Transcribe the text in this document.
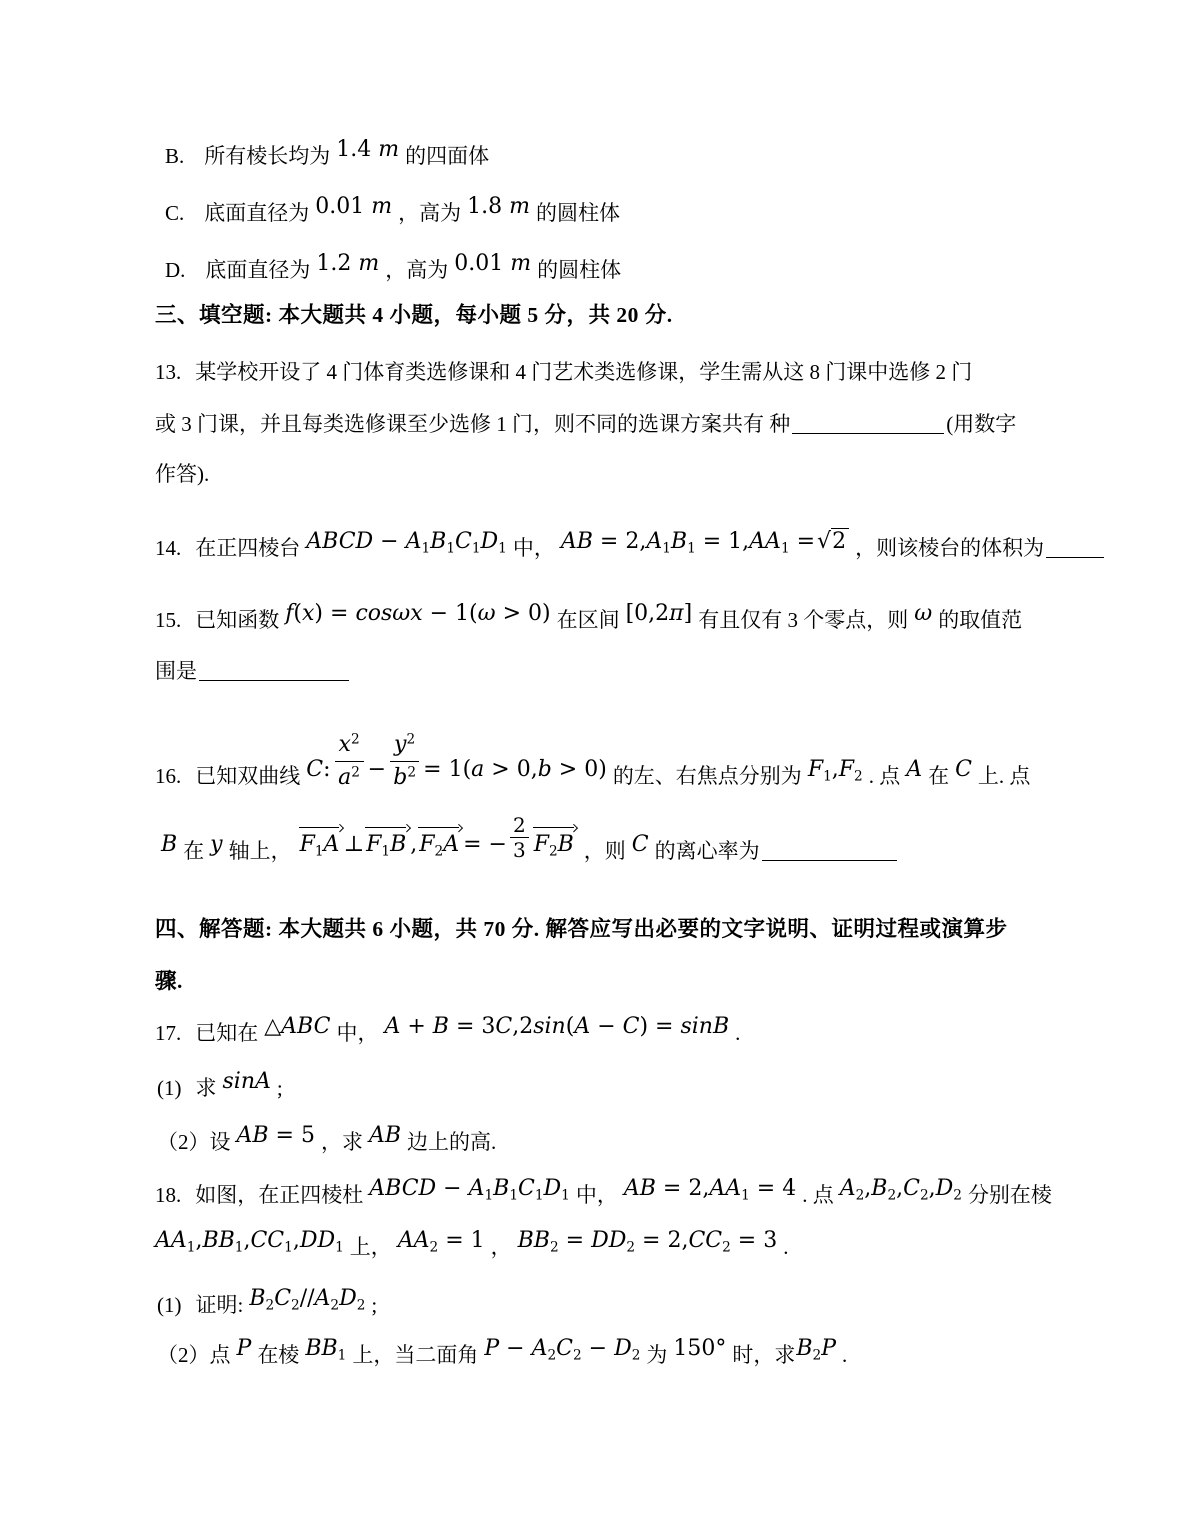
B. 所有棱长均为 1.4 m 的四面体
C. 底面直径为 0.01 m ，高为 1.8 m 的圆柱体
D. 底面直径为 1.2 m ，高为 0.01 m 的圆柱体
三、填空题: 本大题共 4 小题，每小题 5 分，共 20 分.
13. 某学校开设了 4 门体育类选修课和 4 门艺术类选修课，学生需从这 8 门课中选修 2 门
或 3 门课，并且每类选修课至少选修 1 门，则不同的选课方案共有 种	(用数字
作答).
14. 在正四棱台 ABCD − $A_1B_1C_1D_1$ 中， AB = $2,A_1B_1 = 1,AA_1 =√2$ ，则该棱台的体积为
15. 已知函数 f(x) = cosωx − 1(ω > 0) 在区间 [0,2π] 有且仅有 3 个零点，则 ω 的取值范
围是
16. 已知双曲线 C: $\frac{x^2}{a^2} - \frac{y^2}{b^2} = 1(a > 0,b > 0)$ 的左、右焦点分别为 $F_1,F_2$ . 点 A 在 C 上. 点
B 在 y 轴上， $F_1A$ $\perp F_1B$ $,F_2A$ = − $\frac{2}{3} F_2B$ ，则 C 的离心率为
四、解答题: 本大题共 6 小题，共 70 分. 解答应写出必要的文字说明、证明过程或演算步
骤.
17. 已知在 △ABC 中， A + B = 3C,2sin(A − C) = sinB .
(1) 求 sinA ;
（2）设 AB = 5 ，求 AB 边上的高.
18. 如图，在正四棱杜 ABCD − $A_1B_1C_1D_1$ 中， AB = $2,AA_1 = 4$ . 点 $A_2,B_2,C_2,D_2$ 分别在棱
$AA_1,BB_1,CC_1,DD_1$ 上， $AA_2 = 1$ ， $BB_2 = DD_2 = 2,CC_2 = 3$ .
(1) 证明: $B_2C_2//A_2D_2$ ;
（2）点 P 在棱 $BB_1$ 上，当二面角 $P - A_2C_2 - D_2$ 为 150° 时，求$B_2P$ .
